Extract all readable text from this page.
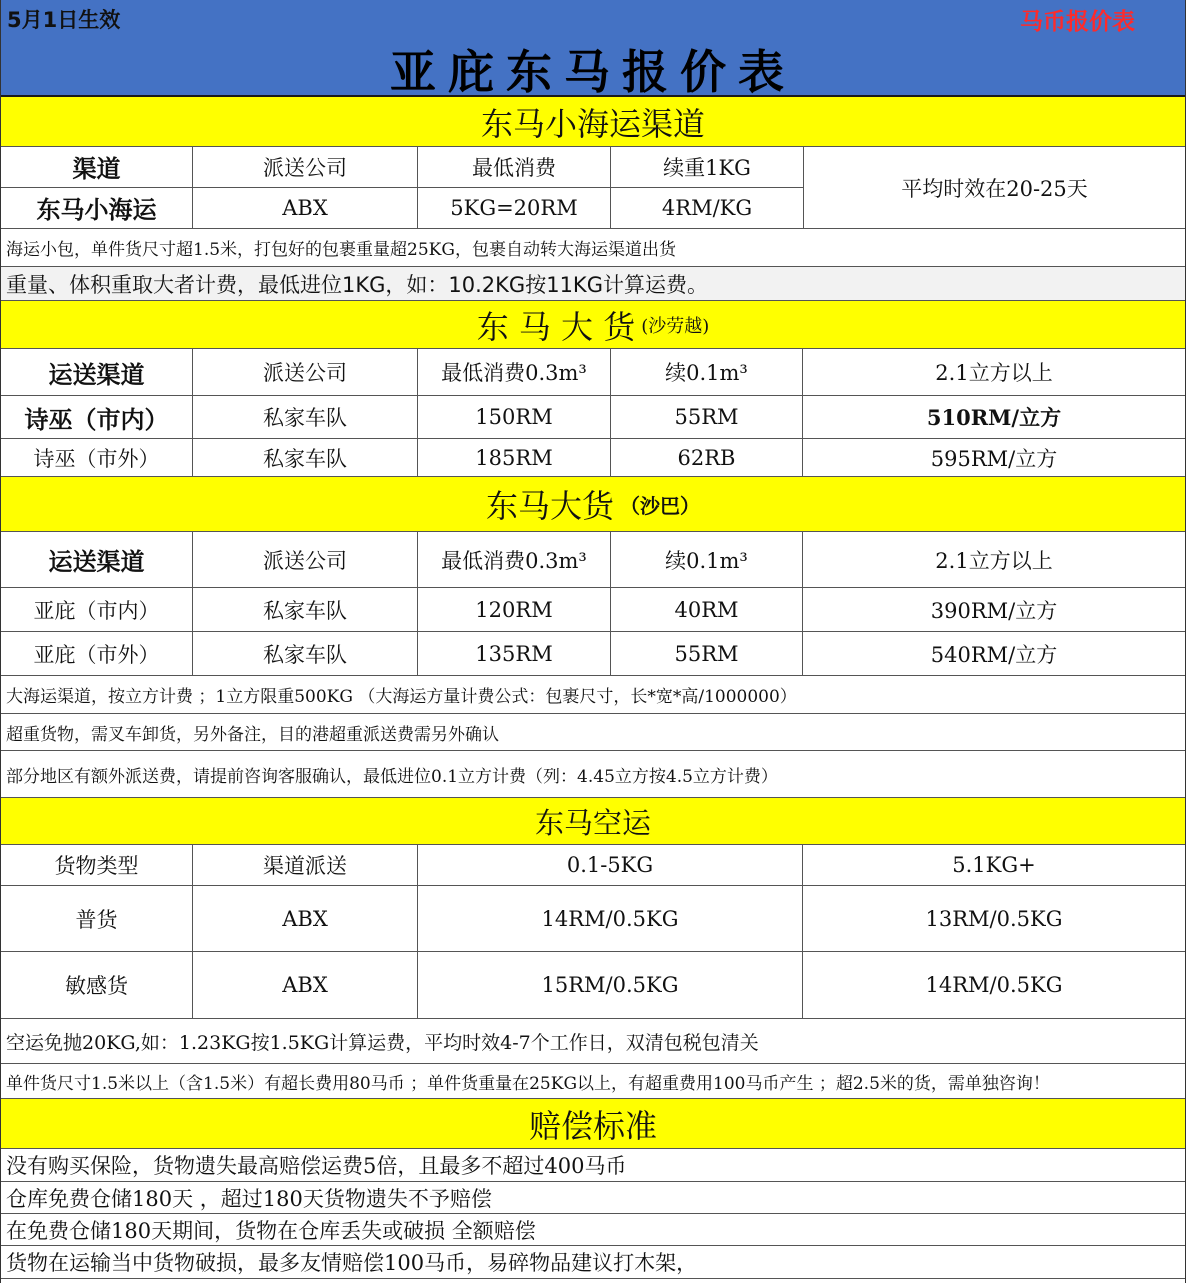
5月1日生效	马币报价表
亚庇东马报价表
东马小海运渠道
渠道	派送公司	最低消费	续重1KG
东马小海运	ABX	5KG=20RM	4RM/KG
平均时效在20-25天
海运小包，单件货尺寸超1.5米，打包好的包裹重量超25KG，包裹自动转大海运渠道出货
重量、体积重取大者计费，最低进位1KG，如：10.2KG按11KG计算运费。
东 马 大 货 (沙劳越)
运送渠道	派送公司	最低消费0.3m³	续0.1m³	2.1立方以上
诗巫（市内）	私家车队	150RM	55RM	510RM/立方
诗巫（市外）	私家车队	185RM	62RB	595RM/立方
东马大货 （沙巴）
运送渠道	派送公司	最低消费0.3m³	续0.1m³	2.1立方以上
亚庇（市内）	私家车队	120RM	40RM	390RM/立方
亚庇（市外）	私家车队	135RM	55RM	540RM/立方
大海运渠道，按立方计费 ；1立方限重500KG （大海运方量计费公式：包裹尺寸，长*宽*高/1000000）
超重货物，需叉车卸货，另外备注，目的港超重派送费需另外确认
部分地区有额外派送费，请提前咨询客服确认，最低进位0.1立方计费（列：4.45立方按4.5立方计费）
东马空运
货物类型	渠道派送	0.1-5KG	5.1KG+
普货	ABX	14RM/0.5KG	13RM/0.5KG
敏感货	ABX	15RM/0.5KG	14RM/0.5KG
空运免抛20KG,如：1.23KG按1.5KG计算运费，平均时效4-7个工作日，双清包税包清关
单件货尺寸1.5米以上（含1.5米）有超长费用80马币 ；单件货重量在25KG以上，有超重费用100马币产生 ；超2.5米的货，需单独咨询！
赔偿标准
没有购买保险，货物遗失最高赔偿运费5倍，且最多不超过400马币
仓库免费仓储180天 ，超过180天货物遗失不予赔偿
在免费仓储180天期间，货物在仓库丢失或破损 全额赔偿
货物在运输当中货物破损，最多友情赔偿100马币，易碎物品建议打木架，
